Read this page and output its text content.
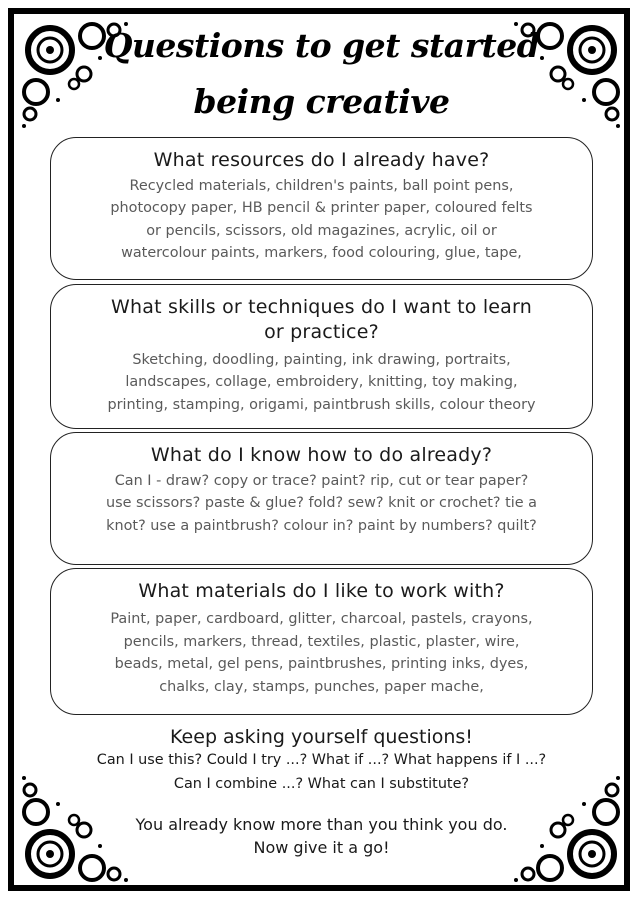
Questions to get started
being creative
What resources do I already have?

Recycled materials, children's paints, ball point pens,
photocopy paper, HB pencil & printer paper, coloured felts
or pencils, scissors, old magazines, acrylic, oil or
watercolour paints, markers, food colouring, glue, tape,

What skills or techniques do I want to learn
or practice?

Sketching, doodling, painting, ink drawing, portraits,
landscapes, collage, embroidery, knitting, toy making,
printing, stamping, origami, paintbrush skills, colour theory

What do I know how to do already?

Can I - draw? copy or trace? paint? rip, cut or tear paper?
use scissors? paste & glue? fold? sew? knit or crochet? tie a
knot? use a paintbrush? colour in? paint by numbers? quilt?

What materials do I like to work with?

Paint, paper, cardboard, glitter, charcoal, pastels, crayons,
pencils, markers, thread, textiles, plastic, plaster, wire,
beads, metal, gel pens, paintbrushes, printing inks, dyes,
chalks, clay, stamps, punches, paper mache,

Keep asking yourself questions!
Can I use this? Could I try ...? What if ...? What happens if I ...?
Can I combine ...? What can I substitute?
You already know more than you think you do.
Now give it a go!
